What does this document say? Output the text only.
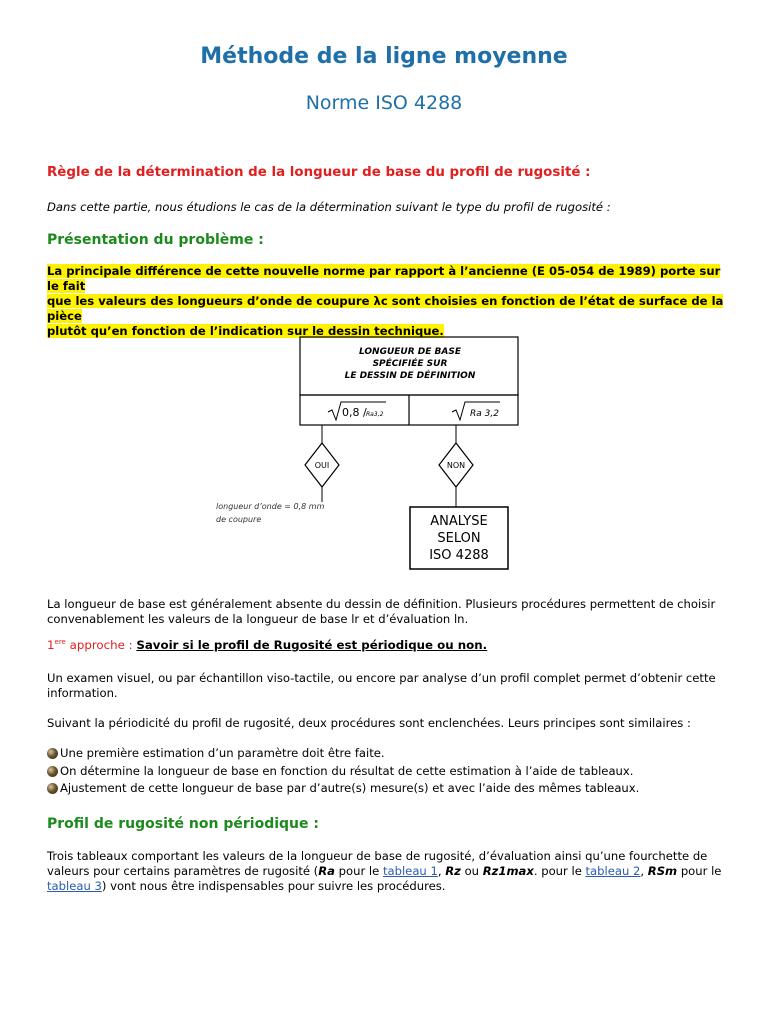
Méthode de la ligne moyenne
Norme ISO 4288
Règle de la détermination de la longueur de base du profil de rugosité :
Dans cette partie, nous étudions le cas de la détermination suivant le type du profil de rugosité :
Présentation du problème :
La principale différence de cette nouvelle norme par rapport à l’ancienne (E 05-054 de 1989) porte sur le fait
que les valeurs des longueurs d’onde de coupure λc sont choisies en fonction de l’état de surface de la pièce
plutôt qu’en fonction de l’indication sur le dessin technique.
LONGUEUR DE BASE
SPÉCIFIÉE SUR
LE DESSIN DE DÉFINITION
0,8 / Ra3,2	Ra 3,2
OUI	NON
longueur d’onde = 0,8 mm
de coupure	ANALYSE
SELON
ISO 4288
La longueur de base est généralement absente du dessin de définition. Plusieurs procédures permettent de choisir
convenablement les valeurs de la longueur de base lr et d’évaluation ln.
1ere approche : Savoir si le profil de Rugosité est périodique ou non.
Un examen visuel, ou par échantillon viso-tactile, ou encore par analyse d’un profil complet permet d’obtenir cette
information.
Suivant la périodicité du profil de rugosité, deux procédures sont enclenchées. Leurs principes sont similaires :
Une première estimation d’un paramètre doit être faite.
On détermine la longueur de base en fonction du résultat de cette estimation à l’aide de tableaux.
Ajustement de cette longueur de base par d’autre(s) mesure(s) et avec l’aide des mêmes tableaux.
Profil de rugosité non périodique :
Trois tableaux comportant les valeurs de la longueur de base de rugosité, d’évaluation ainsi qu’une fourchette de
valeurs pour certains paramètres de rugosité (Ra pour le tableau 1, Rz ou Rz1max. pour le tableau 2, RSm pour le
tableau 3) vont nous être indispensables pour suivre les procédures.
